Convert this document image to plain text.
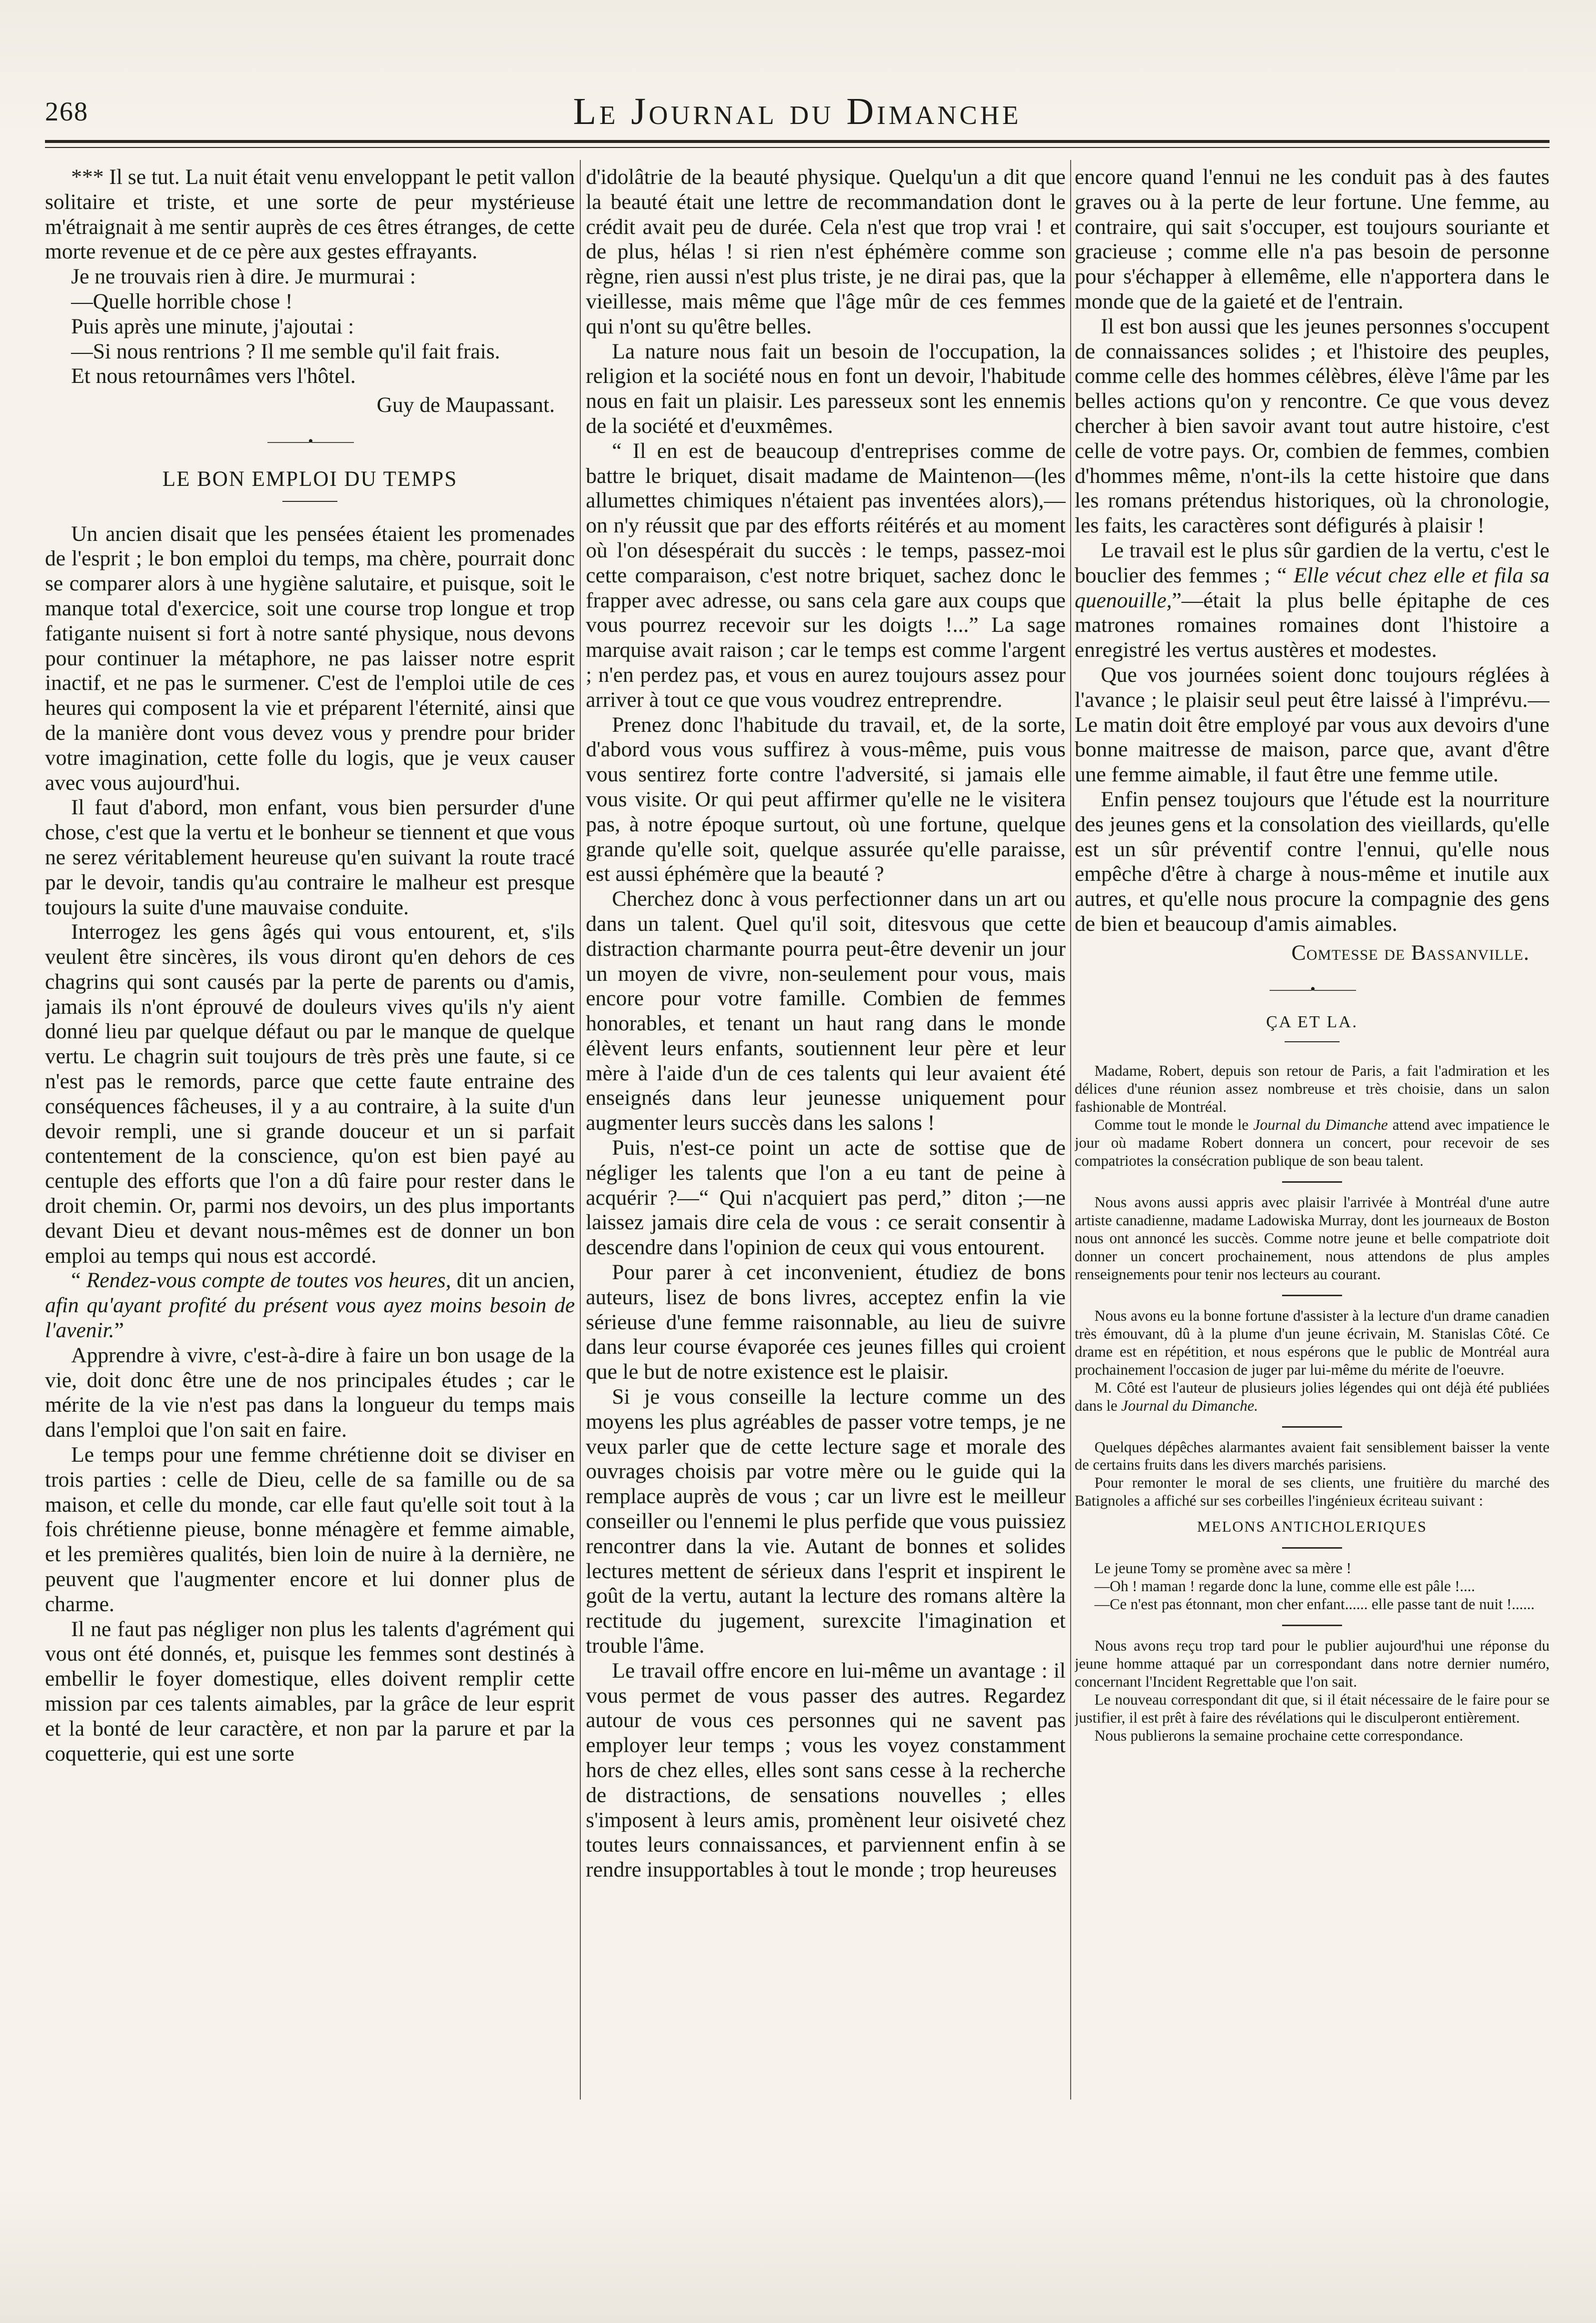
268	Le Journal du Dimanche

*** Il se tut. La nuit était venu enveloppant le petit vallon solitaire et triste, et une sorte de peur mystérieuse m'étraignait à me sentir auprès de ces êtres étranges, de cette morte revenue et de ce père aux gestes effrayants.

Je ne trouvais rien à dire. Je murmurai :

—Quelle horrible chose !

Puis après une minute, j'ajoutai :

—Si nous rentrions ? Il me semble qu'il fait frais.

Et nous retournâmes vers l'hôtel.

Guy de Maupassant.

———•———

LE BON EMPLOI DU TEMPS

Un ancien disait que les pensées étaient les promenades de l'esprit ; le bon emploi du temps, ma chère, pourrait donc se comparer alors à une hygiène salutaire, et puisque, soit le manque total d'exercice, soit une course trop longue et trop fatigante nuisent si fort à notre santé physique, nous devons pour continuer la métaphore, ne pas laisser notre esprit inactif, et ne pas le surmener. C'est de l'emploi utile de ces heures qui composent la vie et préparent l'éternité, ainsi que de la manière dont vous devez vous y prendre pour brider votre imagination, cette folle du logis, que je veux causer avec vous aujourd'hui.

Il faut d'abord, mon enfant, vous bien persurder d'une chose, c'est que la vertu et le bonheur se tiennent et que vous ne serez véritablement heureuse qu'en suivant la route tracé par le devoir, tandis qu'au contraire le malheur est presque toujours la suite d'une mauvaise conduite.

Interrogez les gens âgés qui vous entourent, et, s'ils veulent être sincères, ils vous diront qu'en dehors de ces chagrins qui sont causés par la perte de parents ou d'amis, jamais ils n'ont éprouvé de douleurs vives qu'ils n'y aient donné lieu par quelque défaut ou par le manque de quelque vertu. Le chagrin suit toujours de très près une faute, si ce n'est pas le remords, parce que cette faute entraine des conséquences fâcheuses, il y a au contraire, à la suite d'un devoir rempli, une si grande douceur et un si parfait contentement de la conscience, qu'on est bien payé au centuple des efforts que l'on a dû faire pour rester dans le droit chemin. Or, parmi nos devoirs, un des plus importants devant Dieu et devant nous-mêmes est de donner un bon emploi au temps qui nous est accordé.

“ Rendez-vous compte de toutes vos heures, dit un ancien, afin qu'ayant profité du présent vous ayez moins besoin de l'avenir.”

Apprendre à vivre, c'est-à-dire à faire un bon usage de la vie, doit donc être une de nos principales études ; car le mérite de la vie n'est pas dans la longueur du temps mais dans l'emploi que l'on sait en faire.

Le temps pour une femme chrétienne doit se diviser en trois parties : celle de Dieu, celle de sa famille ou de sa maison, et celle du monde, car elle faut qu'elle soit tout à la fois chrétienne pieuse, bonne ménagère et femme aimable, et les premières qualités, bien loin de nuire à la dernière, ne peuvent que l'augmenter encore et lui donner plus de charme.

Il ne faut pas négliger non plus les talents d'agrément qui vous ont été donnés, et, puisque les femmes sont destinés à embellir le foyer domestique, elles doivent remplir cette mission par ces talents aimables, par la grâce de leur esprit et la bonté de leur caractère, et non par la parure et par la coquetterie, qui est une sorte

d'idolâtrie de la beauté physique. Quelqu'un a dit que la beauté était une lettre de recommandation dont le crédit avait peu de durée. Cela n'est que trop vrai ! et de plus, hélas ! si rien n'est éphémère comme son règne, rien aussi n'est plus triste, je ne dirai pas, que la vieillesse, mais même que l'âge mûr de ces femmes qui n'ont su qu'être belles.

La nature nous fait un besoin de l'occupation, la religion et la société nous en font un devoir, l'habitude nous en fait un plaisir. Les paresseux sont les ennemis de la société et d'euxmêmes.

“ Il en est de beaucoup d'entreprises comme de battre le briquet, disait madame de Maintenon—(les allumettes chimiques n'étaient pas inventées alors),—on n'y réussit que par des efforts réitérés et au moment où l'on désespérait du succès : le temps, passez-moi cette comparaison, c'est notre briquet, sachez donc le frapper avec adresse, ou sans cela gare aux coups que vous pourrez recevoir sur les doigts !...” La sage marquise avait raison ; car le temps est comme l'argent ; n'en perdez pas, et vous en aurez toujours assez pour arriver à tout ce que vous voudrez entreprendre.

Prenez donc l'habitude du travail, et, de la sorte, d'abord vous vous suffirez à vous-même, puis vous vous sentirez forte contre l'adversité, si jamais elle vous visite. Or qui peut affirmer qu'elle ne le visitera pas, à notre époque surtout, où une fortune, quelque grande qu'elle soit, quelque assurée qu'elle paraisse, est aussi éphémère que la beauté ?

Cherchez donc à vous perfectionner dans un art ou dans un talent. Quel qu'il soit, ditesvous que cette distraction charmante pourra peut-être devenir un jour un moyen de vivre, non-seulement pour vous, mais encore pour votre famille. Combien de femmes honorables, et tenant un haut rang dans le monde élèvent leurs enfants, soutiennent leur père et leur mère à l'aide d'un de ces talents qui leur avaient été enseignés dans leur jeunesse uniquement pour augmenter leurs succès dans les salons !

Puis, n'est-ce point un acte de sottise que de négliger les talents que l'on a eu tant de peine à acquérir ?—“ Qui n'acquiert pas perd,” diton ;—ne laissez jamais dire cela de vous : ce serait consentir à descendre dans l'opinion de ceux qui vous entourent.

Pour parer à cet inconvenient, étudiez de bons auteurs, lisez de bons livres, acceptez enfin la vie sérieuse d'une femme raisonnable, au lieu de suivre dans leur course évaporée ces jeunes filles qui croient que le but de notre existence est le plaisir.

Si je vous conseille la lecture comme un des moyens les plus agréables de passer votre temps, je ne veux parler que de cette lecture sage et morale des ouvrages choisis par votre mère ou le guide qui la remplace auprès de vous ; car un livre est le meilleur conseiller ou l'ennemi le plus perfide que vous puissiez rencontrer dans la vie. Autant de bonnes et solides lectures mettent de sérieux dans l'esprit et inspirent le goût de la vertu, autant la lecture des romans altère la rectitude du jugement, surexcite l'imagination et trouble l'âme.

Le travail offre encore en lui-même un avantage : il vous permet de vous passer des autres. Regardez autour de vous ces personnes qui ne savent pas employer leur temps ; vous les voyez constamment hors de chez elles, elles sont sans cesse à la recherche de distractions, de sensations nouvelles ; elles s'imposent à leurs amis, promènent leur oisiveté chez toutes leurs connaissances, et parviennent enfin à se rendre insupportables à tout le monde ; trop heureuses

encore quand l'ennui ne les conduit pas à des fautes graves ou à la perte de leur fortune. Une femme, au contraire, qui sait s'occuper, est toujours souriante et gracieuse ; comme elle n'a pas besoin de personne pour s'échapper à ellemême, elle n'apportera dans le monde que de la gaieté et de l'entrain.

Il est bon aussi que les jeunes personnes s'occupent de connaissances solides ; et l'histoire des peuples, comme celle des hommes célèbres, élève l'âme par les belles actions qu'on y rencontre. Ce que vous devez chercher à bien savoir avant tout autre histoire, c'est celle de votre pays. Or, combien de femmes, combien d'hommes même, n'ont-ils la cette histoire que dans les romans prétendus historiques, où la chronologie, les faits, les caractères sont défigurés à plaisir !

Le travail est le plus sûr gardien de la vertu, c'est le bouclier des femmes ; “ Elle vécut chez elle et fila sa quenouille,”—était la plus belle épitaphe de ces matrones romaines romaines dont l'histoire a enregistré les vertus austères et modestes.

Que vos journées soient donc toujours réglées à l'avance ; le plaisir seul peut être laissé à l'imprévu.—Le matin doit être employé par vous aux devoirs d'une bonne maitresse de maison, parce que, avant d'être une femme aimable, il faut être une femme utile.

Enfin pensez toujours que l'étude est la nourriture des jeunes gens et la consolation des vieillards, qu'elle est un sûr préventif contre l'ennui, qu'elle nous empêche d'être à charge à nous-même et inutile aux autres, et qu'elle nous procure la compagnie des gens de bien et beaucoup d'amis aimables.

Comtesse de Bassanville.

———•———

ÇA ET LA.

Madame, Robert, depuis son retour de Paris, a fait l'admiration et les délices d'une réunion assez nombreuse et très choisie, dans un salon fashionable de Montréal.

Comme tout le monde le Journal du Dimanche attend avec impatience le jour où madame Robert donnera un concert, pour recevoir de ses compatriotes la consécration publique de son beau talent.

Nous avons aussi appris avec plaisir l'arrivée à Montréal d'une autre artiste canadienne, madame Ladowiska Murray, dont les journeaux de Boston nous ont annoncé les succès. Comme notre jeune et belle compatriote doit donner un concert prochainement, nous attendons de plus amples renseignements pour tenir nos lecteurs au courant.

Nous avons eu la bonne fortune d'assister à la lecture d'un drame canadien très émouvant, dû à la plume d'un jeune écrivain, M. Stanislas Côté. Ce drame est en répétition, et nous espérons que le public de Montréal aura prochainement l'occasion de juger par lui-même du mérite de l'oeuvre.

M. Côté est l'auteur de plusieurs jolies légendes qui ont déjà été publiées dans le Journal du Dimanche.

Quelques dépêches alarmantes avaient fait sensiblement baisser la vente de certains fruits dans les divers marchés parisiens.

Pour remonter le moral de ses clients, une fruitière du marché des Batignoles a affiché sur ses corbeilles l'ingénieux écriteau suivant :

MELONS ANTICHOLERIQUES

Le jeune Tomy se promène avec sa mère !

—Oh ! maman ! regarde donc la lune, comme elle est pâle !....

—Ce n'est pas étonnant, mon cher enfant...... elle passe tant de nuit !......

Nous avons reçu trop tard pour le publier aujourd'hui une réponse du jeune homme attaqué par un correspondant dans notre dernier numéro, concernant l'Incident Regrettable que l'on sait.

Le nouveau correspondant dit que, si il était nécessaire de le faire pour se justifier, il est prêt à faire des révélations qui le disculperont entièrement.

Nous publierons la semaine prochaine cette correspondance.
